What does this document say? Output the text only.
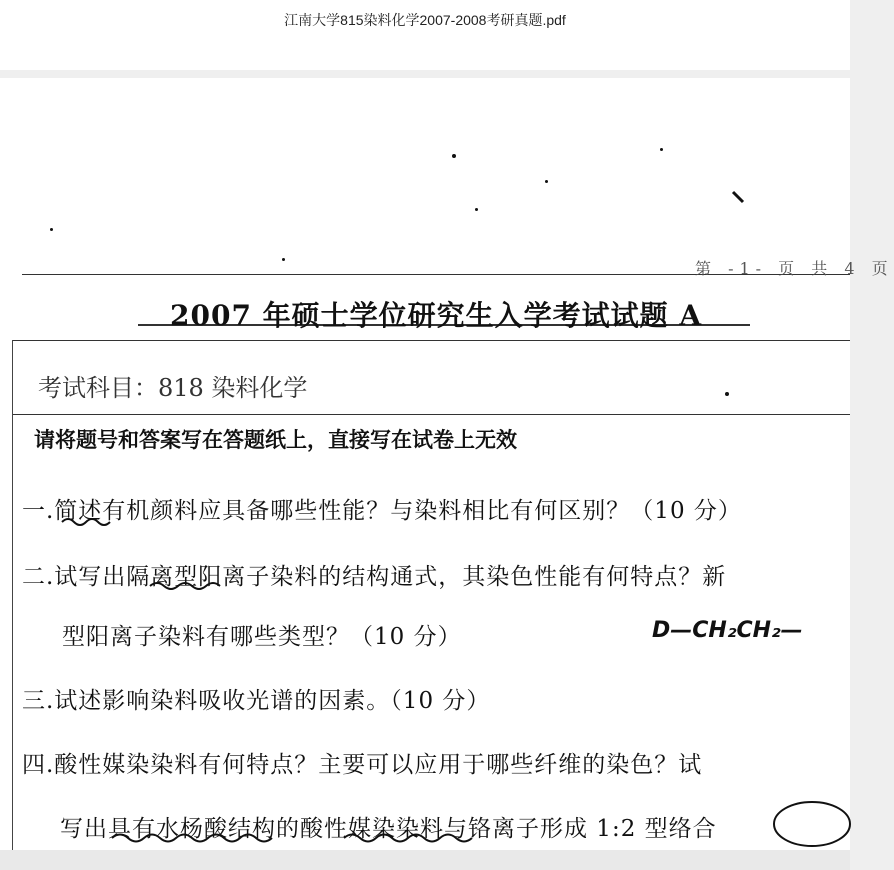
江南大学815染料化学2007-2008考研真题.pdf
第 -1- 页 共 4 页
2007 年硕士学位研究生入学考试试题 A
考试科目：818 染料化学
请将题号和答案写在答题纸上，直接写在试卷上无效
一.简述有机颜料应具备哪些性能？与染料相比有何区别？（10 分）
二.试写出隔离型阳离子染料的结构通式，其染色性能有何特点？新
型阳离子染料有哪些类型？（10 分）
三.试述影响染料吸收光谱的因素。（10 分）
四.酸性媒染染料有何特点？主要可以应用于哪些纤维的染色？试
写出具有水杨酸结构的酸性媒染染料与铬离子形成 1:2 型络合
D—CH₂CH₂—
